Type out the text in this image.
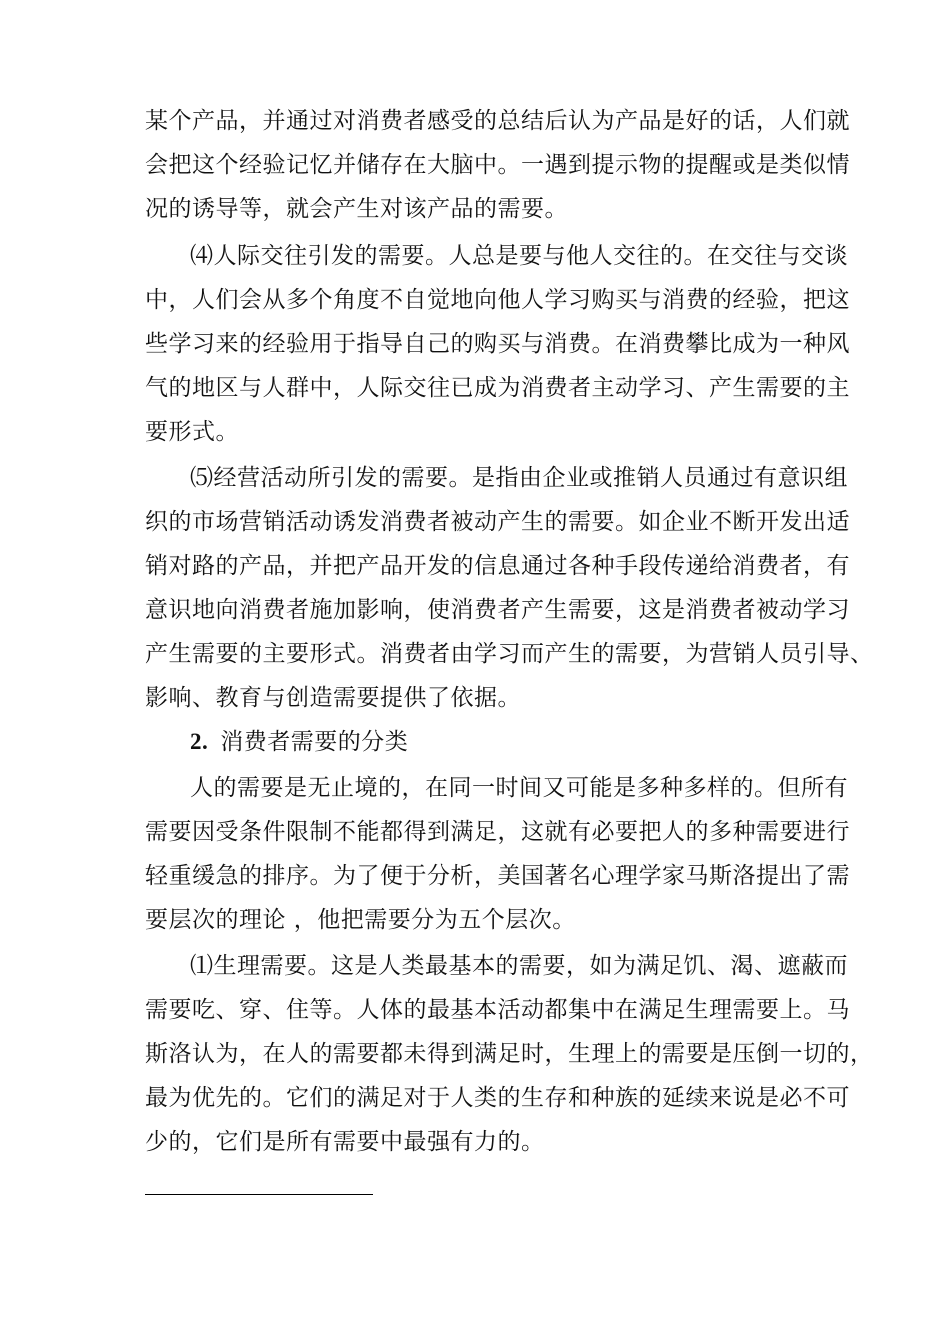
某个产品，并通过对消费者感受的总结后认为产品是好的话，人们就
会把这个经验记忆并储存在大脑中。一遇到提示物的提醒或是类似情
况的诱导等，就会产生对该产品的需要。
⑷人际交往引发的需要。人总是要与他人交往的。在交往与交谈
中，人们会从多个角度不自觉地向他人学习购买与消费的经验，把这
些学习来的经验用于指导自己的购买与消费。在消费攀比成为一种风
气的地区与人群中，人际交往已成为消费者主动学习、产生需要的主
要形式。
⑸经营活动所引发的需要。是指由企业或推销人员通过有意识组
织的市场营销活动诱发消费者被动产生的需要。如企业不断开发出适
销对路的产品，并把产品开发的信息通过各种手段传递给消费者，有
意识地向消费者施加影响，使消费者产生需要，这是消费者被动学习
产生需要的主要形式。消费者由学习而产生的需要，为营销人员引导、
影响、教育与创造需要提供了依据。
2. 消费者需要的分类
人的需要是无止境的，在同一时间又可能是多种多样的。但所有
需要因受条件限制不能都得到满足，这就有必要把人的多种需要进行
轻重缓急的排序。为了便于分析，美国著名心理学家马斯洛提出了需
要层次的理论 ，他把需要分为五个层次。
⑴生理需要。这是人类最基本的需要，如为满足饥、渴、遮蔽而
需要吃、穿、住等。人体的最基本活动都集中在满足生理需要上。马
斯洛认为，在人的需要都未得到满足时，生理上的需要是压倒一切的，
最为优先的。它们的满足对于人类的生存和种族的延续来说是必不可
少的，它们是所有需要中最强有力的。
